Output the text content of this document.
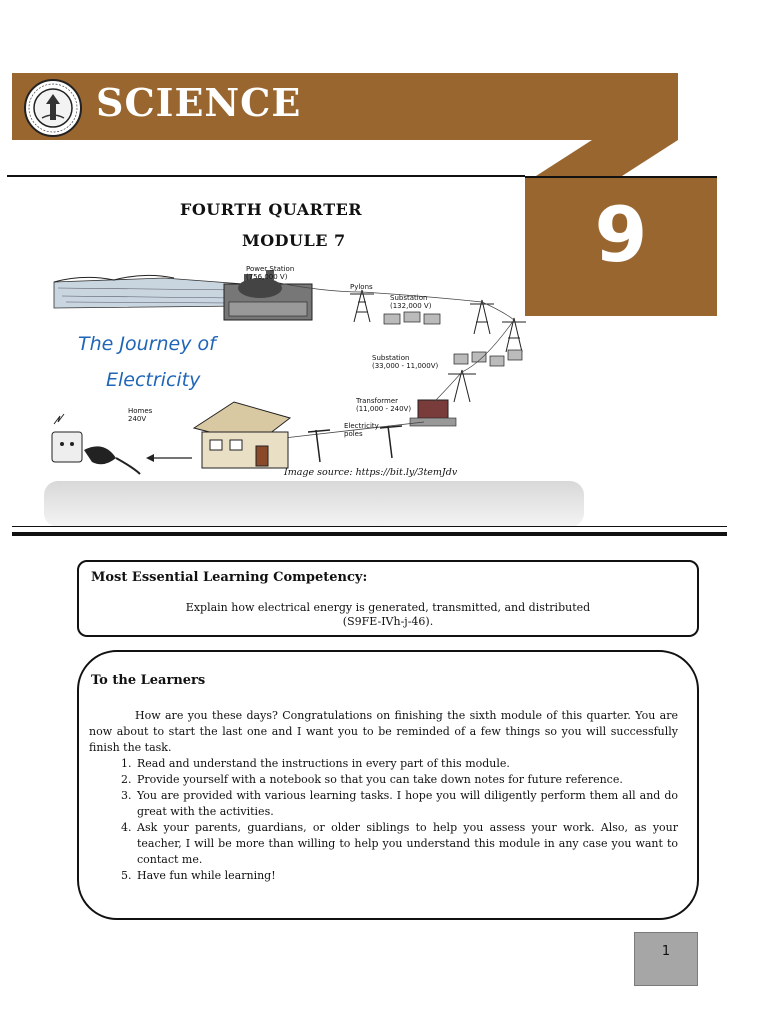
SCIENCE
9
FOURTH QUARTER
MODULE 7
Power Station
(756,000 V)
Pylons
Substation
(132,000 V)
Substation
(33,000 - 11,000V)
Transformer
(11,000 - 240V)
Electricity
poles
Homes
240V
The Journey of
Electricity
Image source: https://bit.ly/3temJdv
Most Essential Learning Competency:
Explain how electrical energy is generated, transmitted, and distributed
(S9FE-IVh-j-46).
To the Learners

How are you these days? Congratulations on finishing the sixth module of this quarter. You are now about to start the last one and I want you to be reminded of a few things so you will successfully finish the task.

1. Read and understand the instructions in every part of this module.
2. Provide yourself with a notebook so that you can take down notes for future reference.
3. You are provided with various learning tasks. I hope you will diligently perform them all and do great with the activities.
4. Ask your parents, guardians, or older siblings to help you assess your work. Also, as your teacher, I will be more than willing to help you understand this module in any case you want to contact me.
5. Have fun while learning!
1
